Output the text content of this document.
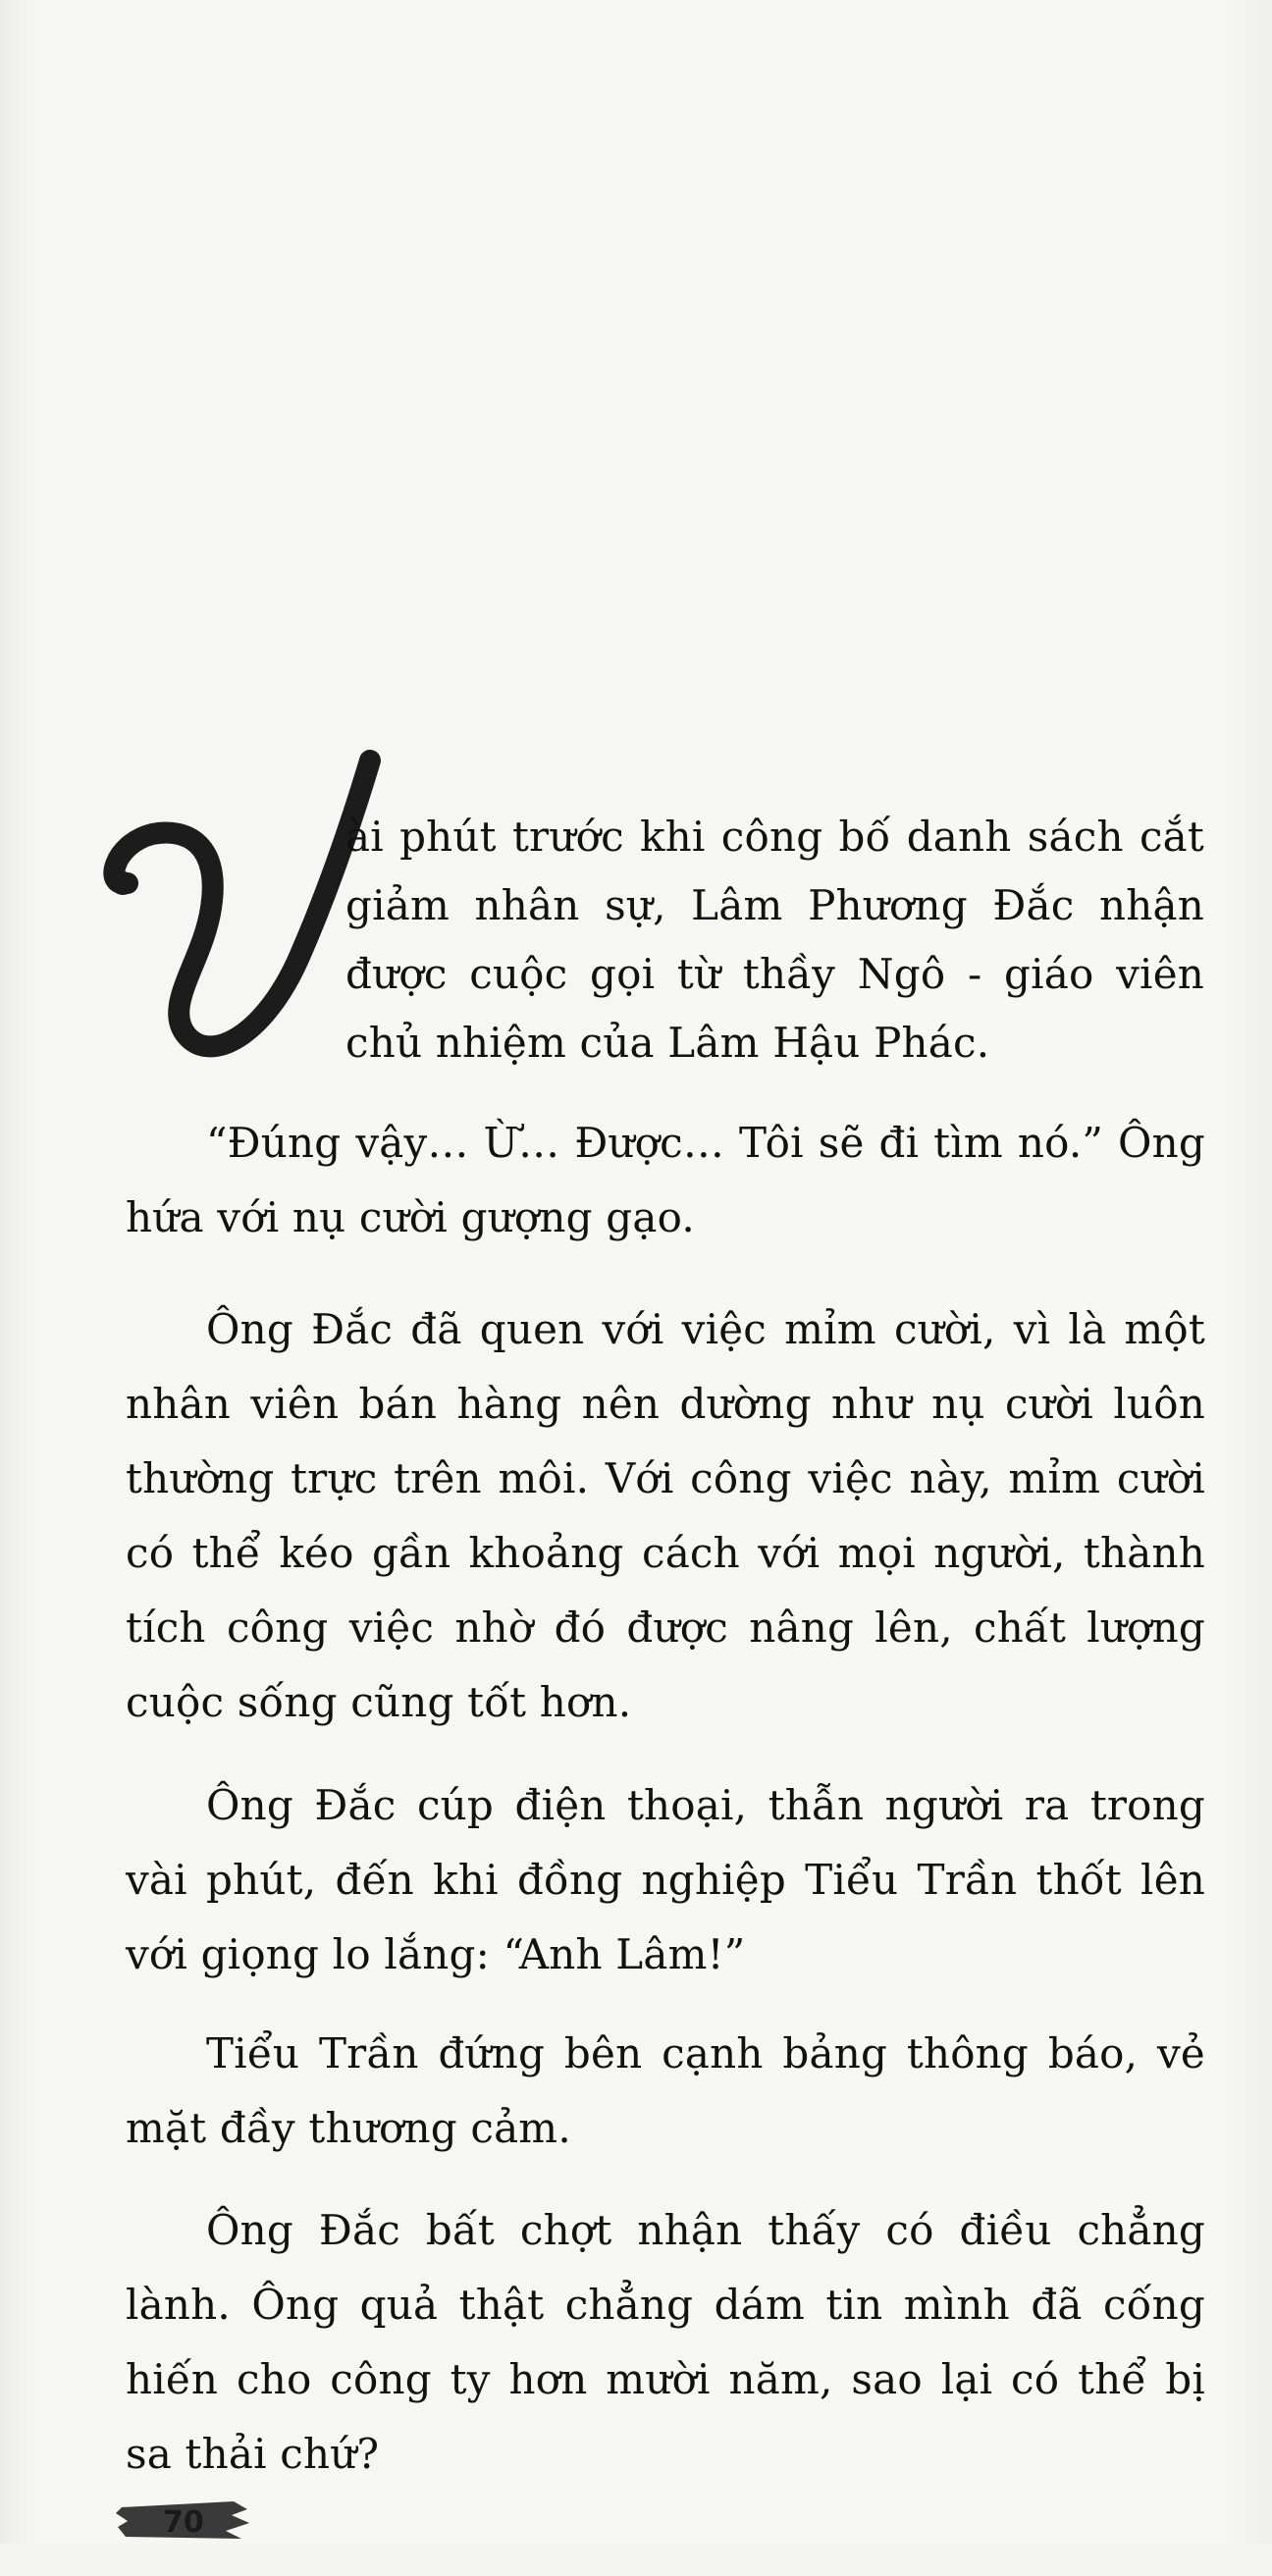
ài phút trước khi công bố danh sách cắt giảm nhân sự, Lâm Phương Đắc nhận được cuộc gọi từ thầy Ngô - giáo viên chủ nhiệm của Lâm Hậu Phác.

“Đúng vậy… Ừ… Được… Tôi sẽ đi tìm nó.” Ông hứa với nụ cười gượng gạo.

Ông Đắc đã quen với việc mỉm cười, vì là một nhân viên bán hàng nên dường như nụ cười luôn thường trực trên môi. Với công việc này, mỉm cười có thể kéo gần khoảng cách với mọi người, thành tích công việc nhờ đó được nâng lên, chất lượng cuộc sống cũng tốt hơn.

Ông Đắc cúp điện thoại, thẫn người ra trong vài phút, đến khi đồng nghiệp Tiểu Trần thốt lên với giọng lo lắng: “Anh Lâm!”

Tiểu Trần đứng bên cạnh bảng thông báo, vẻ mặt đầy thương cảm.

Ông Đắc bất chợt nhận thấy có điều chẳng lành. Ông quả thật chẳng dám tin mình đã cống hiến cho công ty hơn mười năm, sao lại có thể bị sa thải chứ?

70
